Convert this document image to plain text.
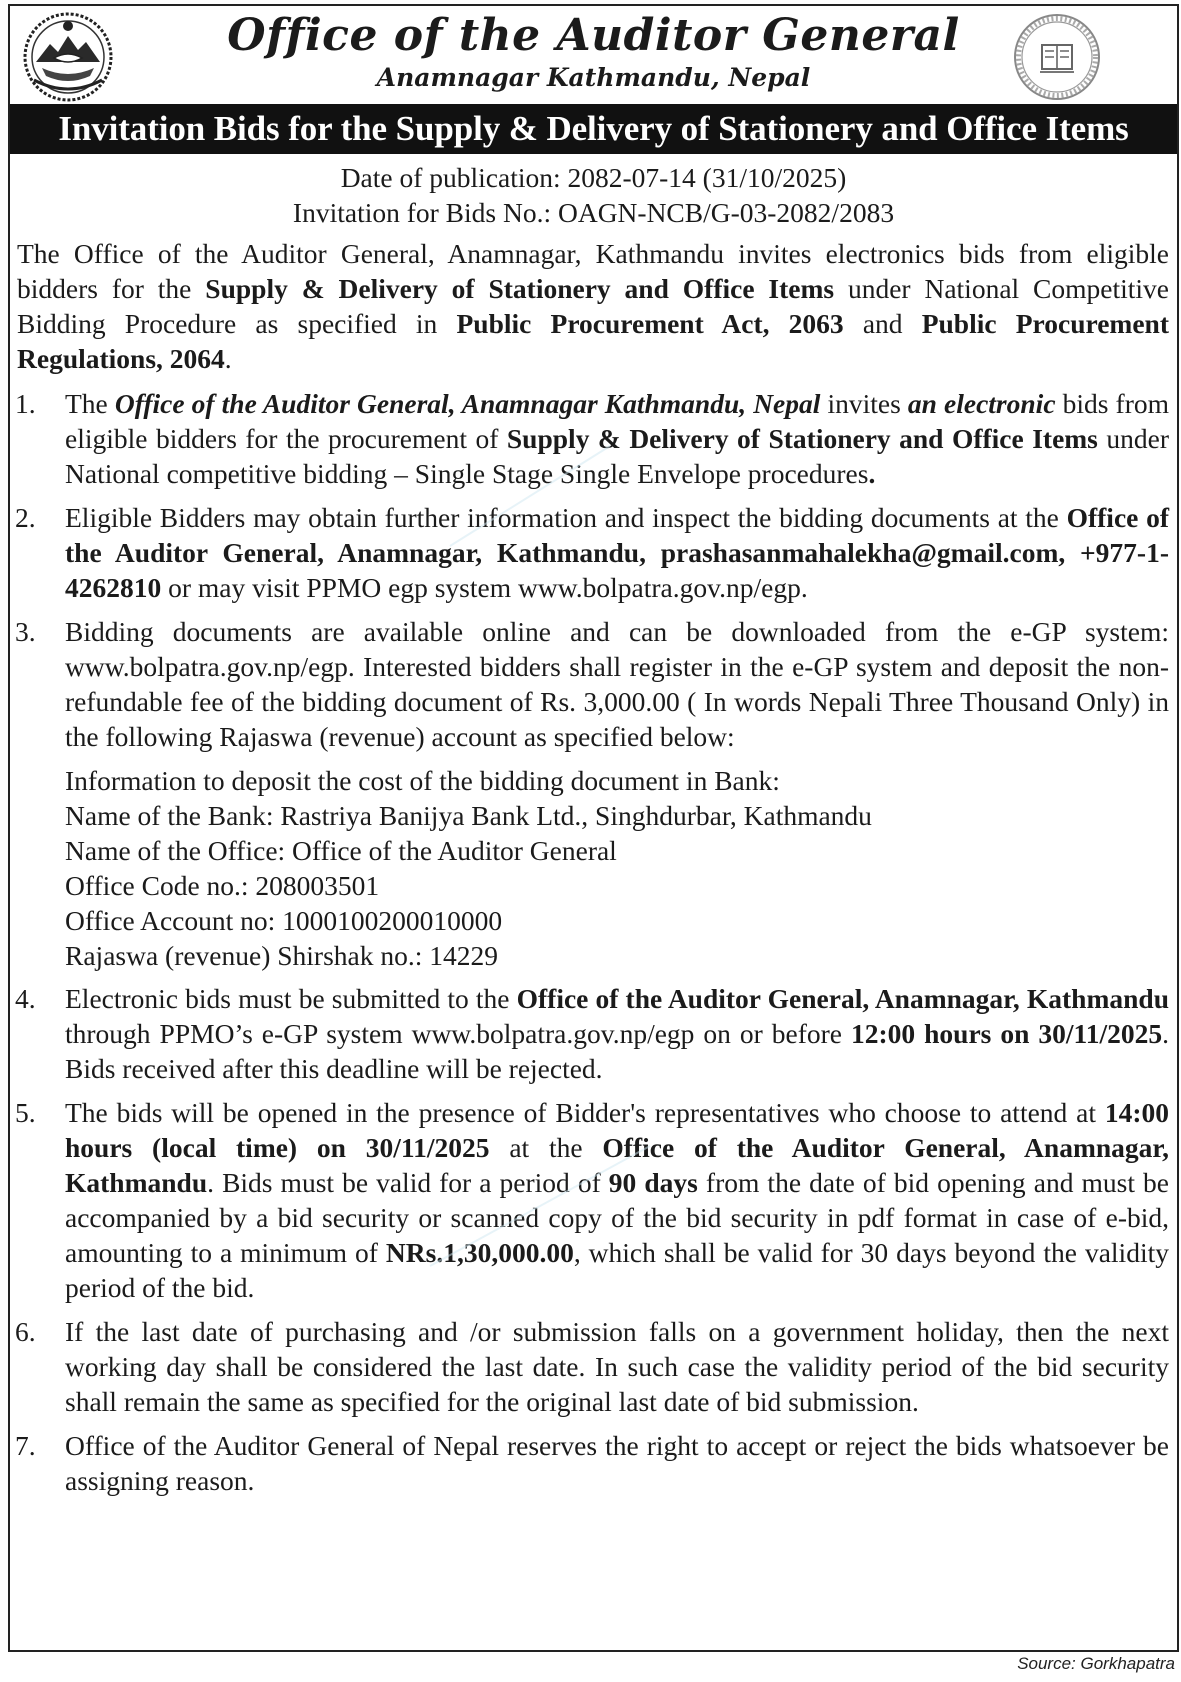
Office of the Auditor General
Anamnagar Kathmandu, Nepal
Invitation Bids for the Supply & Delivery of Stationery and Office Items
Date of publication: 2082-07-14 (31/10/2025)
Invitation for Bids No.: OAGN-NCB/G-03-2082/2083
The Office of the Auditor General, Anamnagar, Kathmandu invites electronics bids from eligible bidders for the Supply & Delivery of Stationery and Office Items under National Competitive Bidding Procedure as specified in Public Procurement Act, 2063 and Public Procurement Regulations, 2064.
1. The Office of the Auditor General, Anamnagar Kathmandu, Nepal invites an electronic bids from eligible bidders for the procurement of Supply & Delivery of Stationery and Office Items under National competitive bidding – Single Stage Single Envelope procedures.
2. Eligible Bidders may obtain further information and inspect the bidding documents at the Office of the Auditor General, Anamnagar, Kathmandu, prashasanmahalekha@gmail.com, +977-1-4262810 or may visit PPMO egp system www.bolpatra.gov.np/egp.
3. Bidding documents are available online and can be downloaded from the e-GP system: www.bolpatra.gov.np/egp. Interested bidders shall register in the e-GP system and deposit the non-refundable fee of the bidding document of Rs. 3,000.00 ( In words Nepali Three Thousand Only) in the following Rajaswa (revenue) account as specified below:
Information to deposit the cost of the bidding document in Bank:
Name of the Bank: Rastriya Banijya Bank Ltd., Singhdurbar, Kathmandu
Name of the Office: Office of the Auditor General
Office Code no.: 208003501
Office Account no: 1000100200010000
Rajaswa (revenue) Shirshak no.: 14229
4. Electronic bids must be submitted to the Office of the Auditor General, Anamnagar, Kathmandu through PPMO’s e-GP system www.bolpatra.gov.np/egp on or before 12:00 hours on 30/11/2025. Bids received after this deadline will be rejected.
5. The bids will be opened in the presence of Bidder's representatives who choose to attend at 14:00 hours (local time) on 30/11/2025 at the Office of the Auditor General, Anamnagar, Kathmandu. Bids must be valid for a period of 90 days from the date of bid opening and must be accompanied by a bid security or scanned copy of the bid security in pdf format in case of e-bid, amounting to a minimum of NRs.1,30,000.00, which shall be valid for 30 days beyond the validity period of the bid.
6. If the last date of purchasing and /or submission falls on a government holiday, then the next working day shall be considered the last date. In such case the validity period of the bid security shall remain the same as specified for the original last date of bid submission.
7. Office of the Auditor General of Nepal reserves the right to accept or reject the bids whatsoever be assigning reason.
Source: Gorkhapatra
